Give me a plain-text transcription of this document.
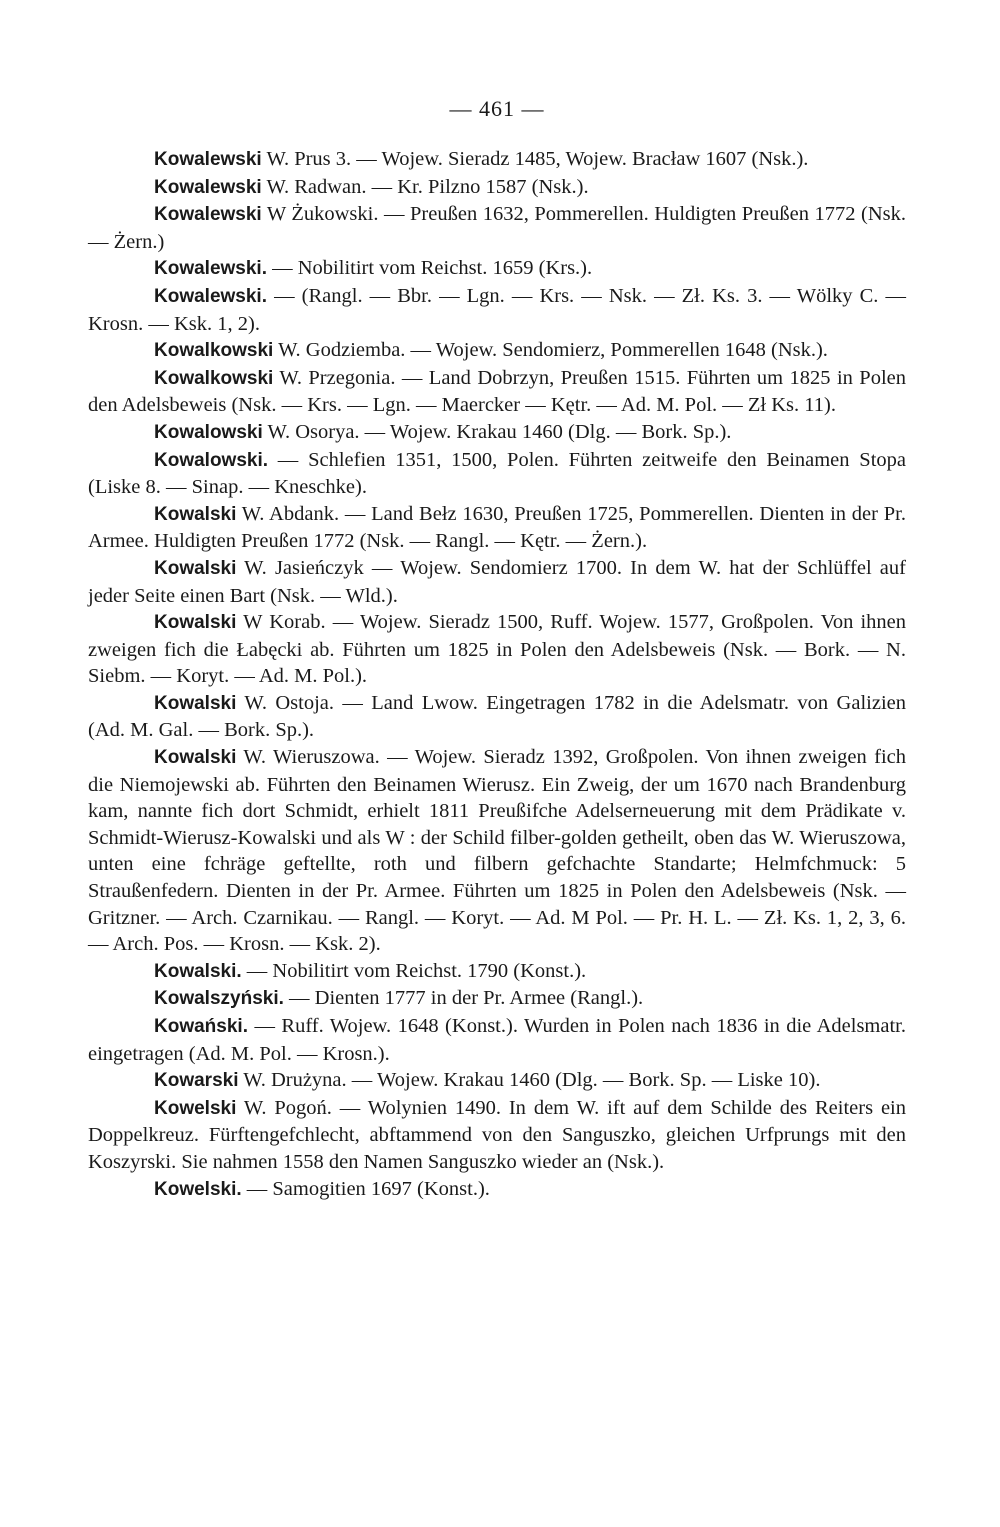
— 461 —

Kowalewski W. Prus 3. — Wojew. Sieradz 1485, Wojew. Bracław 1607 (Nsk.).

Kowalewski W. Radwan. — Kr. Pilzno 1587 (Nsk.).

Kowalewski W Żukowski. — Preußen 1632, Pommerellen. Huldigten Preußen 1772 (Nsk. — Żern.)

Kowalewski. — Nobilitirt vom Reichst. 1659 (Krs.).

Kowalewski. — (Rangl. — Bbr. — Lgn. — Krs. — Nsk. — Zł. Ks. 3. — Wölky C. — Krosn. — Ksk. 1, 2).

Kowalkowski W. Godziemba. — Wojew. Sendomierz, Pommerellen 1648 (Nsk.).

Kowalkowski W. Przegonia. — Land Dobrzyn, Preußen 1515. Führten um 1825 in Polen den Adelsbeweis (Nsk. — Krs. — Lgn. — Maercker — Kętr. — Ad. M. Pol. — Zł Ks. 11).

Kowalowski W. Osorya. — Wojew. Krakau 1460 (Dlg. — Bork. Sp.).

Kowalowski. — Schlefien 1351, 1500, Polen. Führten zeitweife den Beinamen Stopa (Liske 8. — Sinap. — Kneschke).

Kowalski W. Abdank. — Land Bełz 1630, Preußen 1725, Pommerellen. Dienten in der Pr. Armee. Huldigten Preußen 1772 (Nsk. — Rangl. — Kętr. — Żern.).

Kowalski W. Jasieńczyk — Wojew. Sendomierz 1700. In dem W. hat der Schlüffel auf jeder Seite einen Bart (Nsk. — Wld.).

Kowalski W Korab. — Wojew. Sieradz 1500, Ruff. Wojew. 1577, Großpolen. Von ihnen zweigen fich die Łabęcki ab. Führten um 1825 in Polen den Adelsbeweis (Nsk. — Bork. — N. Siebm. — Koryt. — Ad. M. Pol.).

Kowalski W. Ostoja. — Land Lwow. Eingetragen 1782 in die Adelsmatr. von Galizien (Ad. M. Gal. — Bork. Sp.).

Kowalski W. Wieruszowa. — Wojew. Sieradz 1392, Großpolen. Von ihnen zweigen fich die Niemojewski ab. Führten den Beinamen Wierusz. Ein Zweig, der um 1670 nach Brandenburg kam, nannte fich dort Schmidt, erhielt 1811 Preußifche Adelserneuerung mit dem Prädikate v. Schmidt-Wierusz-Kowalski und als W : der Schild filber-golden getheilt, oben das W. Wieruszowa, unten eine fchräge geftellte, roth und filbern gefchachte Standarte; Helmfchmuck: 5 Straußenfedern. Dienten in der Pr. Armee. Führten um 1825 in Polen den Adelsbeweis (Nsk. — Gritzner. — Arch. Czarnikau. — Rangl. — Koryt. — Ad. M Pol. — Pr. H. L. — Zł. Ks. 1, 2, 3, 6. — Arch. Pos. — Krosn. — Ksk. 2).

Kowalski. — Nobilitirt vom Reichst. 1790 (Konst.).

Kowalszyński. — Dienten 1777 in der Pr. Armee (Rangl.).

Kowański. — Ruff. Wojew. 1648 (Konst.). Wurden in Polen nach 1836 in die Adelsmatr. eingetragen (Ad. M. Pol. — Krosn.).

Kowarski W. Drużyna. — Wojew. Krakau 1460 (Dlg. — Bork. Sp. — Liske 10).

Kowelski W. Pogoń. — Wolynien 1490. In dem W. ift auf dem Schilde des Reiters ein Doppelkreuz. Fürftengefchlecht, abftammend von den Sanguszko, gleichen Urfprungs mit den Koszyrski. Sie nahmen 1558 den Namen Sanguszko wieder an (Nsk.).

Kowelski. — Samogitien 1697 (Konst.).
